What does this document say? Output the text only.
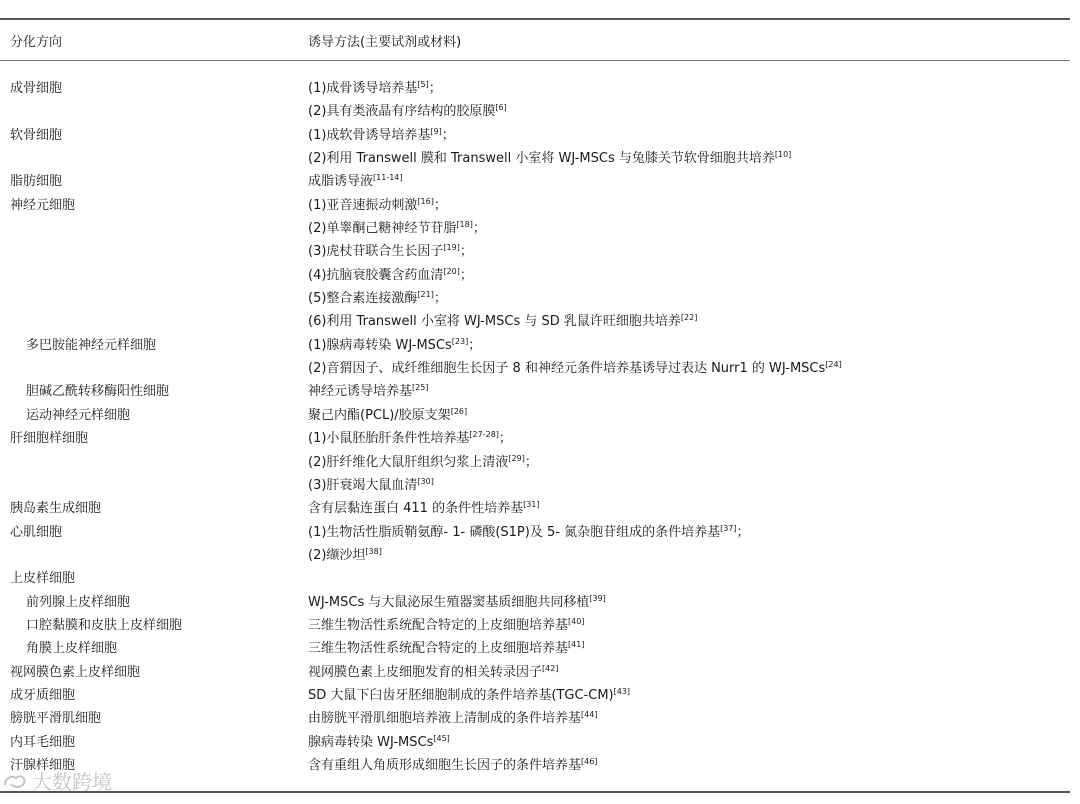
分化方向	诱导方法(主要试剂或材料)
成骨细胞	(1)成骨诱导培养基[5]；
(2)具有类液晶有序结构的胶原膜[6]
软骨细胞	(1)成软骨诱导培养基[9]；
(2)利用 Transwell 膜和 Transwell 小室将 WJ-MSCs 与兔膝关节软骨细胞共培养[10]
脂肪细胞	成脂诱导液[11-14]
神经元细胞	(1)亚音速振动刺激[16]；
(2)单睾酮己糖神经节苷脂[18]；
(3)虎杖苷联合生长因子[19]；
(4)抗脑衰胶囊含药血清[20]；
(5)整合素连接激酶[21]；
(6)利用 Transwell 小室将 WJ-MSCs 与 SD 乳鼠许旺细胞共培养[22]
多巴胺能神经元样细胞	(1)腺病毒转染 WJ-MSCs[23]；
(2)音猬因子、成纤维细胞生长因子 8 和神经元条件培养基诱导过表达 Nurr1 的 WJ-MSCs[24]
胆碱乙酰转移酶阳性细胞	神经元诱导培养基[25]
运动神经元样细胞	聚己内酯(PCL)/胶原支架[26]
肝细胞样细胞	(1)小鼠胚胎肝条件性培养基[27-28]；
(2)肝纤维化大鼠肝组织匀浆上清液[29]；
(3)肝衰竭大鼠血清[30]
胰岛素生成细胞	含有层黏连蛋白 411 的条件性培养基[31]
心肌细胞	(1)生物活性脂质鞘氨醇- 1- 磷酸(S1P)及 5- 氮杂胞苷组成的条件培养基[37]；
(2)缬沙坦[38]
上皮样细胞
前列腺上皮样细胞	WJ-MSCs 与大鼠泌尿生殖器窦基质细胞共同移植[39]
口腔黏膜和皮肤上皮样细胞	三维生物活性系统配合特定的上皮细胞培养基[40]
角膜上皮样细胞	三维生物活性系统配合特定的上皮细胞培养基[41]
视网膜色素上皮样细胞	视网膜色素上皮细胞发育的相关转录因子[42]
成牙质细胞	SD 大鼠下臼齿牙胚细胞制成的条件培养基(TGC-CM)[43]
膀胱平滑肌细胞	由膀胱平滑肌细胞培养液上清制成的条件培养基[44]
内耳毛细胞	腺病毒转染 WJ-MSCs[45]
汗腺样细胞	含有重组人角质形成细胞生长因子的条件培养基[46]
大数跨境
